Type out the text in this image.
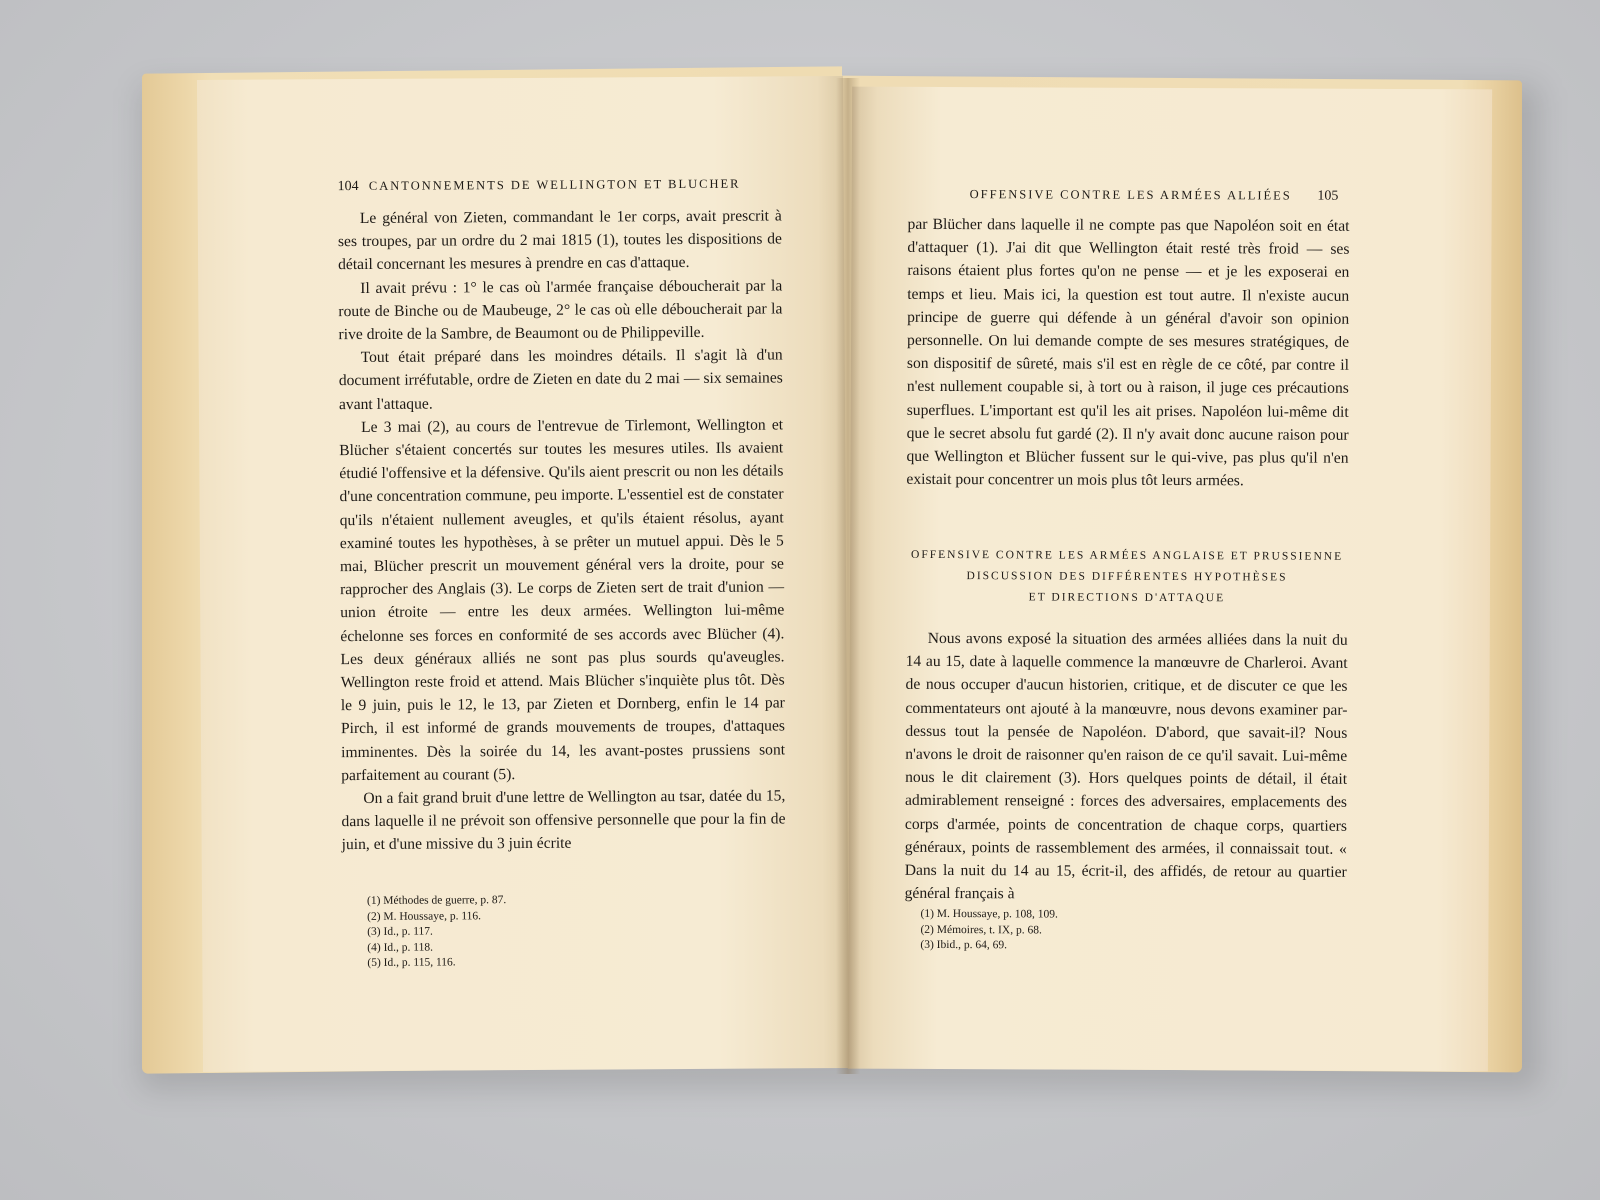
104 CANTONNEMENTS DE WELLINGTON ET BLUCHER

Le général von Zieten, commandant le 1er corps, avait prescrit à ses troupes, par un ordre du 2 mai 1815 (1), toutes les dispositions de détail concernant les mesures à prendre en cas d'attaque.

Il avait prévu : 1° le cas où l'armée française déboucherait par la route de Binche ou de Maubeuge, 2° le cas où elle déboucherait par la rive droite de la Sambre, de Beaumont ou de Philippeville.

Tout était préparé dans les moindres détails. Il s'agit là d'un document irréfutable, ordre de Zieten en date du 2 mai — six semaines avant l'attaque.

Le 3 mai (2), au cours de l'entrevue de Tirlemont, Wellington et Blücher s'étaient concertés sur toutes les mesures utiles. Ils avaient étudié l'offensive et la défensive. Qu'ils aient prescrit ou non les détails d'une concentration commune, peu importe. L'essentiel est de constater qu'ils n'étaient nullement aveugles, et qu'ils étaient résolus, ayant examiné toutes les hypothèses, à se prêter un mutuel appui. Dès le 5 mai, Blücher prescrit un mouvement général vers la droite, pour se rapprocher des Anglais (3). Le corps de Zieten sert de trait d'union — union étroite — entre les deux armées. Wellington lui-même échelonne ses forces en conformité de ses accords avec Blücher (4). Les deux généraux alliés ne sont pas plus sourds qu'aveugles. Wellington reste froid et attend. Mais Blücher s'inquiète plus tôt. Dès le 9 juin, puis le 12, le 13, par Zieten et Dornberg, enfin le 14 par Pirch, il est informé de grands mouvements de troupes, d'attaques imminentes. Dès la soirée du 14, les avant-postes prussiens sont parfaitement au courant (5).

On a fait grand bruit d'une lettre de Wellington au tsar, datée du 15, dans laquelle il ne prévoit son offensive personnelle que pour la fin de juin, et d'une missive du 3 juin écrite

(1) Méthodes de guerre, p. 87.
(2) M. Houssaye, p. 116.
(3) Id., p. 117.
(4) Id., p. 118.
(5) Id., p. 115, 116.
OFFENSIVE CONTRE LES ARMÉES ALLIÉES 105

par Blücher dans laquelle il ne compte pas que Napoléon soit en état d'attaquer (1). J'ai dit que Wellington était resté très froid — ses raisons étaient plus fortes qu'on ne pense — et je les exposerai en temps et lieu. Mais ici, la question est tout autre. Il n'existe aucun principe de guerre qui défende à un général d'avoir son opinion personnelle. On lui demande compte de ses mesures stratégiques, de son dispositif de sûreté, mais s'il est en règle de ce côté, par contre il n'est nullement coupable si, à tort ou à raison, il juge ces précautions superflues. L'important est qu'il les ait prises. Napoléon lui-même dit que le secret absolu fut gardé (2). Il n'y avait donc aucune raison pour que Wellington et Blücher fussent sur le qui-vive, pas plus qu'il n'en existait pour concentrer un mois plus tôt leurs armées.

OFFENSIVE CONTRE LES ARMÉES ANGLAISE ET PRUSSIENNE
DISCUSSION DES DIFFÉRENTES HYPOTHÈSES
ET DIRECTIONS D'ATTAQUE

Nous avons exposé la situation des armées alliées dans la nuit du 14 au 15, date à laquelle commence la manœuvre de Charleroi. Avant de nous occuper d'aucun historien, critique, et de discuter ce que les commentateurs ont ajouté à la manœuvre, nous devons examiner par-dessus tout la pensée de Napoléon. D'abord, que savait-il? Nous n'avons le droit de raisonner qu'en raison de ce qu'il savait. Lui-même nous le dit clairement (3). Hors quelques points de détail, il était admirablement renseigné : forces des adversaires, emplacements des corps d'armée, points de concentration de chaque corps, quartiers généraux, points de rassemblement des armées, il connaissait tout. « Dans la nuit du 14 au 15, écrit-il, des affidés, de retour au quartier général français à

(1) M. Houssaye, p. 108, 109.
(2) Mémoires, t. IX, p. 68.
(3) Ibid., p. 64, 69.
